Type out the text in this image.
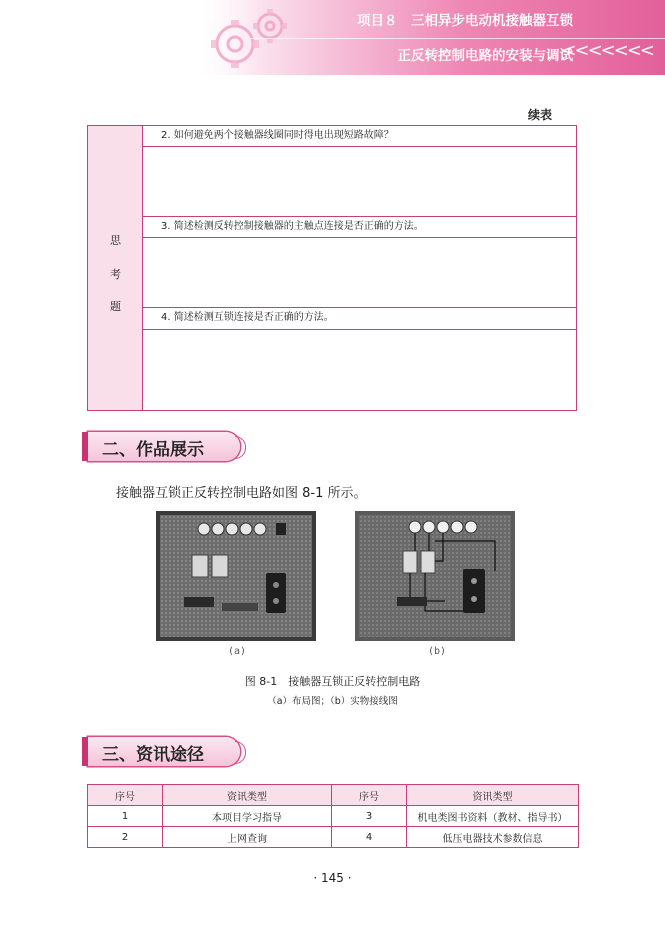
项目８　三相异步电动机接触器互锁
正反转控制电路的安装与调试
<<<<<<<
续表
思
考
题
2. 如何避免两个接触器线圈同时得电出现短路故障？
3. 简述检测反转控制接触器的主触点连接是否正确的方法。
4. 简述检测互锁连接是否正确的方法。
二、作品展示
接触器互锁正反转控制电路如图 8-1 所示。
(a)	(b)
图 8-1　接触器互锁正反转控制电路
（a）布局图；（b）实物接线图
三、资讯途径
序号	资讯类型	序号	资讯类型
1	本项目学习指导	3	机电类图书资料（教材、指导书）
2	上网查询	4	低压电器技术参数信息
· 145 ·
